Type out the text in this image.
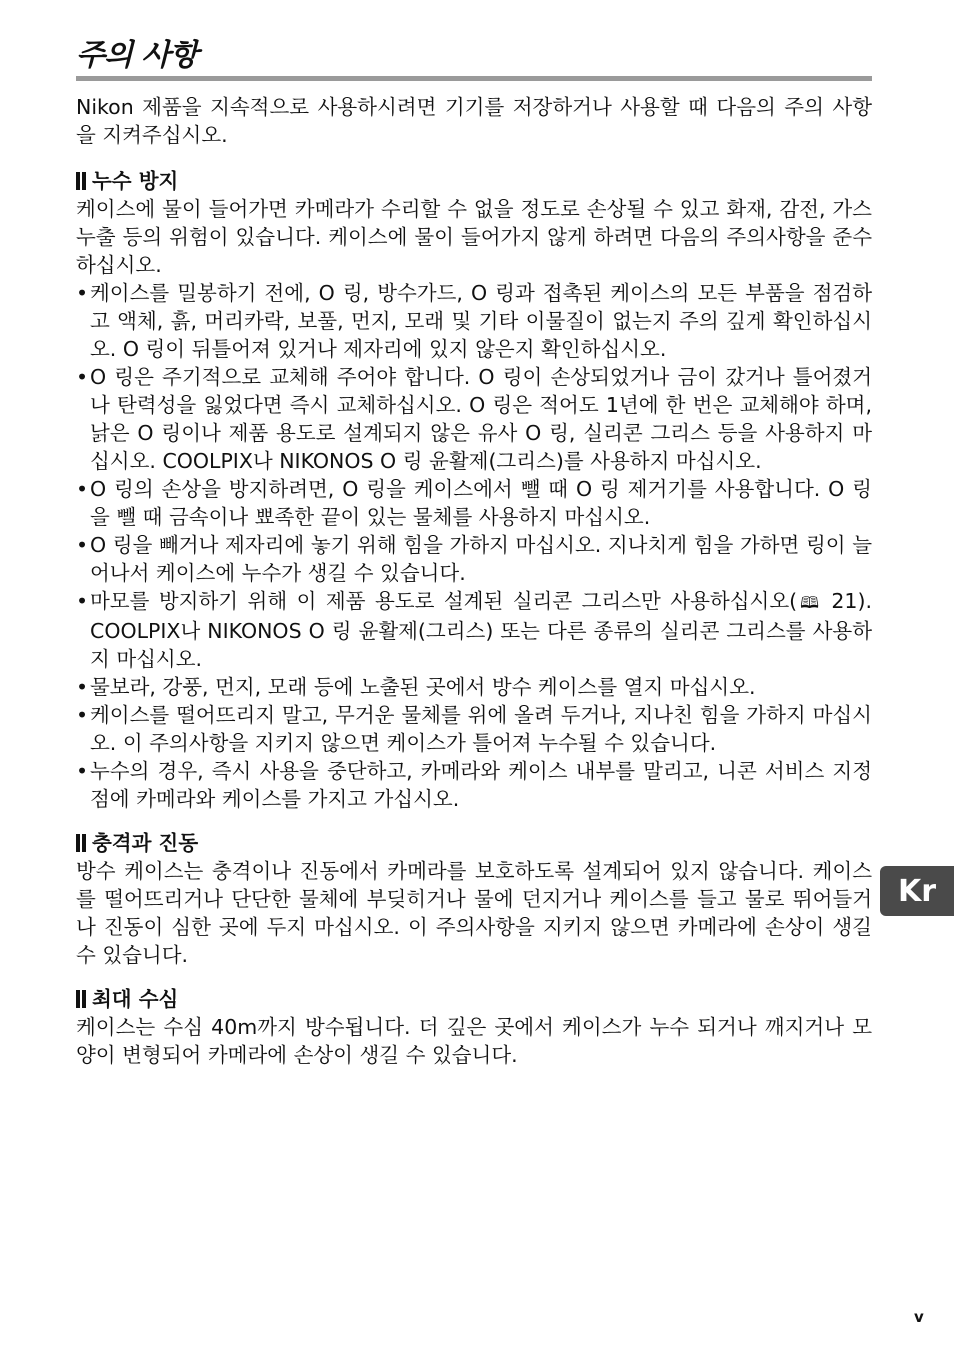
주의 사항

Nikon 제품을 지속적으로 사용하시려면 기기를 저장하거나 사용할 때 다음의 주의 사항을 지켜주십시오.

누수 방지

케이스에 물이 들어가면 카메라가 수리할 수 없을 정도로 손상될 수 있고 화재, 감전, 가스 누출 등의 위험이 있습니다. 케이스에 물이 들어가지 않게 하려면 다음의 주의사항을 준수하십시오.

• 케이스를 밀봉하기 전에, O 링, 방수가드, O 링과 접촉된 케이스의 모든 부품을 점검하고 액체, 흙, 머리카락, 보풀, 먼지, 모래 및 기타 이물질이 없는지 주의 깊게 확인하십시오. O 링이 뒤틀어져 있거나 제자리에 있지 않은지 확인하십시오.
• O 링은 주기적으로 교체해 주어야 합니다. O 링이 손상되었거나 금이 갔거나 틀어졌거나 탄력성을 잃었다면 즉시 교체하십시오. O 링은 적어도 1년에 한 번은 교체해야 하며, 낡은 O 링이나 제품 용도로 설계되지 않은 유사 O 링, 실리콘 그리스 등을 사용하지 마십시오. COOLPIX나 NIKONOS O 링 윤활제(그리스)를 사용하지 마십시오.
• O 링의 손상을 방지하려면, O 링을 케이스에서 뺄 때 O 링 제거기를 사용합니다. O 링을 뺄 때 금속이나 뾰족한 끝이 있는 물체를 사용하지 마십시오.
• O 링을 빼거나 제자리에 놓기 위해 힘을 가하지 마십시오. 지나치게 힘을 가하면 링이 늘어나서 케이스에 누수가 생길 수 있습니다.
• 마모를 방지하기 위해 이 제품 용도로 설계된 실리콘 그리스만 사용하십시오(🕮 21). COOLPIX나 NIKONOS O 링 윤활제(그리스) 또는 다른 종류의 실리콘 그리스를 사용하지 마십시오.
• 물보라, 강풍, 먼지, 모래 등에 노출된 곳에서 방수 케이스를 열지 마십시오.
• 케이스를 떨어뜨리지 말고, 무거운 물체를 위에 올려 두거나, 지나친 힘을 가하지 마십시오. 이 주의사항을 지키지 않으면 케이스가 틀어져 누수될 수 있습니다.
• 누수의 경우, 즉시 사용을 중단하고, 카메라와 케이스 내부를 말리고, 니콘 서비스 지정점에 카메라와 케이스를 가지고 가십시오.
충격과 진동

방수 케이스는 충격이나 진동에서 카메라를 보호하도록 설계되어 있지 않습니다. 케이스를 떨어뜨리거나 단단한 물체에 부딪히거나 물에 던지거나 케이스를 들고 물로 뛰어들거나 진동이 심한 곳에 두지 마십시오. 이 주의사항을 지키지 않으면 카메라에 손상이 생길 수 있습니다.

최대 수심

케이스는 수심 40m까지 방수됩니다. 더 깊은 곳에서 케이스가 누수 되거나 깨지거나 모양이 변형되어 카메라에 손상이 생길 수 있습니다.

Kr
v
